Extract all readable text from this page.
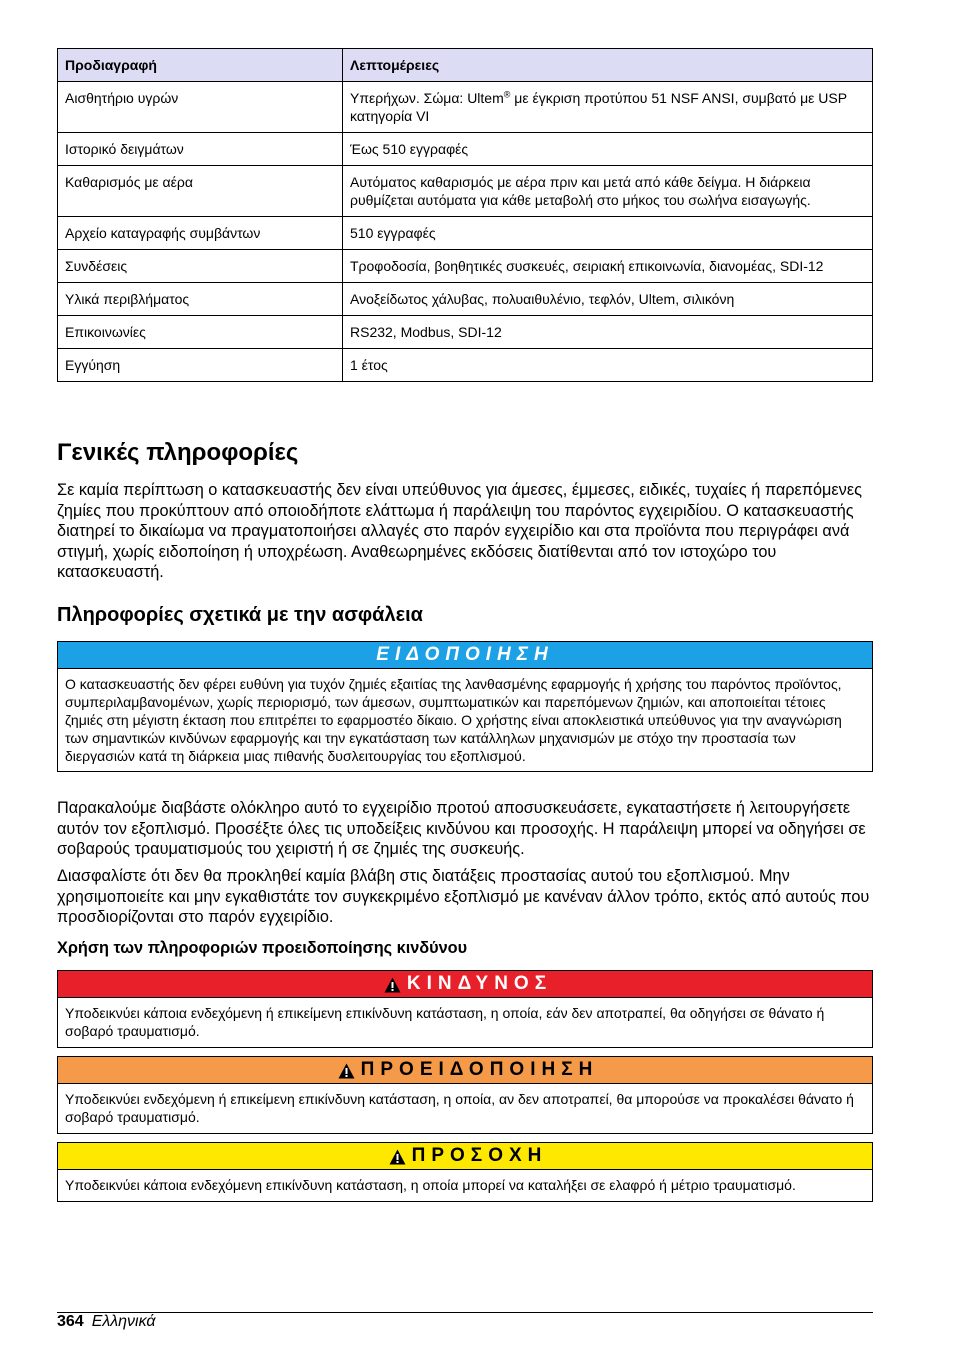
Προδιαγραφή	Λεπτομέρειες
Αισθητήριο υγρών	Υπερήχων. Σώμα: Ultem® με έγκριση προτύπου 51 NSF ANSI, συμβατό με USP κατηγορία VI
Ιστορικό δειγμάτων	Έως 510 εγγραφές
Καθαρισμός με αέρα	Αυτόματος καθαρισμός με αέρα πριν και μετά από κάθε δείγμα. Η διάρκεια ρυθμίζεται αυτόματα για κάθε μεταβολή στο μήκος του σωλήνα εισαγωγής.
Αρχείο καταγραφής συμβάντων	510 εγγραφές
Συνδέσεις	Τροφοδοσία, βοηθητικές συσκευές, σειριακή επικοινωνία, διανομέας, SDI-12
Υλικά περιβλήματος	Ανοξείδωτος χάλυβας, πολυαιθυλένιο, τεφλόν, Ultem, σιλικόνη
Επικοινωνίες	RS232, Modbus, SDI-12
Εγγύηση	1 έτος
Γενικές πληροφορίες

Σε καμία περίπτωση ο κατασκευαστής δεν είναι υπεύθυνος για άμεσες, έμμεσες, ειδικές, τυχαίες ή παρεπόμενες ζημίες που προκύπτουν από οποιοδήποτε ελάττωμα ή παράλειψη του παρόντος εγχειριδίου. Ο κατασκευαστής διατηρεί το δικαίωμα να πραγματοποιήσει αλλαγές στο παρόν εγχειρίδιο και στα προϊόντα που περιγράφει ανά στιγμή, χωρίς ειδοποίηση ή υποχρέωση. Αναθεωρημένες εκδόσεις διατίθενται από τον ιστοχώρο του κατασκευαστή.

Πληροφορίες σχετικά με την ασφάλεια
ΕΙΔΟΠΟΙΗΣΗ
Ο κατασκευαστής δεν φέρει ευθύνη για τυχόν ζημιές εξαιτίας της λανθασμένης εφαρμογής ή χρήσης του παρόντος προϊόντος, συμπεριλαμβανομένων, χωρίς περιορισμό, των άμεσων, συμπτωματικών και παρεπόμενων ζημιών, και αποποιείται τέτοιες ζημιές στη μέγιστη έκταση που επιτρέπει το εφαρμοστέο δίκαιο. Ο χρήστης είναι αποκλειστικά υπεύθυνος για την αναγνώριση των σημαντικών κινδύνων εφαρμογής και την εγκατάσταση των κατάλληλων μηχανισμών με στόχο την προστασία των διεργασιών κατά τη διάρκεια μιας πιθανής δυσλειτουργίας του εξοπλισμού.

Παρακαλούμε διαβάστε ολόκληρο αυτό το εγχειρίδιο προτού αποσυσκευάσετε, εγκαταστήσετε ή λειτουργήσετε αυτόν τον εξοπλισμό. Προσέξτε όλες τις υποδείξεις κινδύνου και προσοχής. Η παράλειψη μπορεί να οδηγήσει σε σοβαρούς τραυματισμούς του χειριστή ή σε ζημιές της συσκευής.

Διασφαλίστε ότι δεν θα προκληθεί καμία βλάβη στις διατάξεις προστασίας αυτού του εξοπλισμού. Μην χρησιμοποιείτε και μην εγκαθιστάτε τον συγκεκριμένο εξοπλισμό με κανέναν άλλον τρόπο, εκτός από αυτούς που προσδιορίζονται στο παρόν εγχειρίδιο.

Χρήση των πληροφοριών προειδοποίησης κινδύνου
ΚΙΝΔΥΝΟΣ
Υποδεικνύει κάποια ενδεχόμενη ή επικείμενη επικίνδυνη κατάσταση, η οποία, εάν δεν αποτραπεί, θα οδηγήσει σε θάνατο ή σοβαρό τραυματισμό.
ΠΡΟΕΙΔΟΠΟΙΗΣΗ
Υποδεικνύει ενδεχόμενη ή επικείμενη επικίνδυνη κατάσταση, η οποία, αν δεν αποτραπεί, θα μπορούσε να προκαλέσει θάνατο ή σοβαρό τραυματισμό.
ΠΡΟΣΟΧΗ
Υποδεικνύει κάποια ενδεχόμενη επικίνδυνη κατάσταση, η οποία μπορεί να καταλήξει σε ελαφρό ή μέτριο τραυματισμό.
364 Ελληνικά
